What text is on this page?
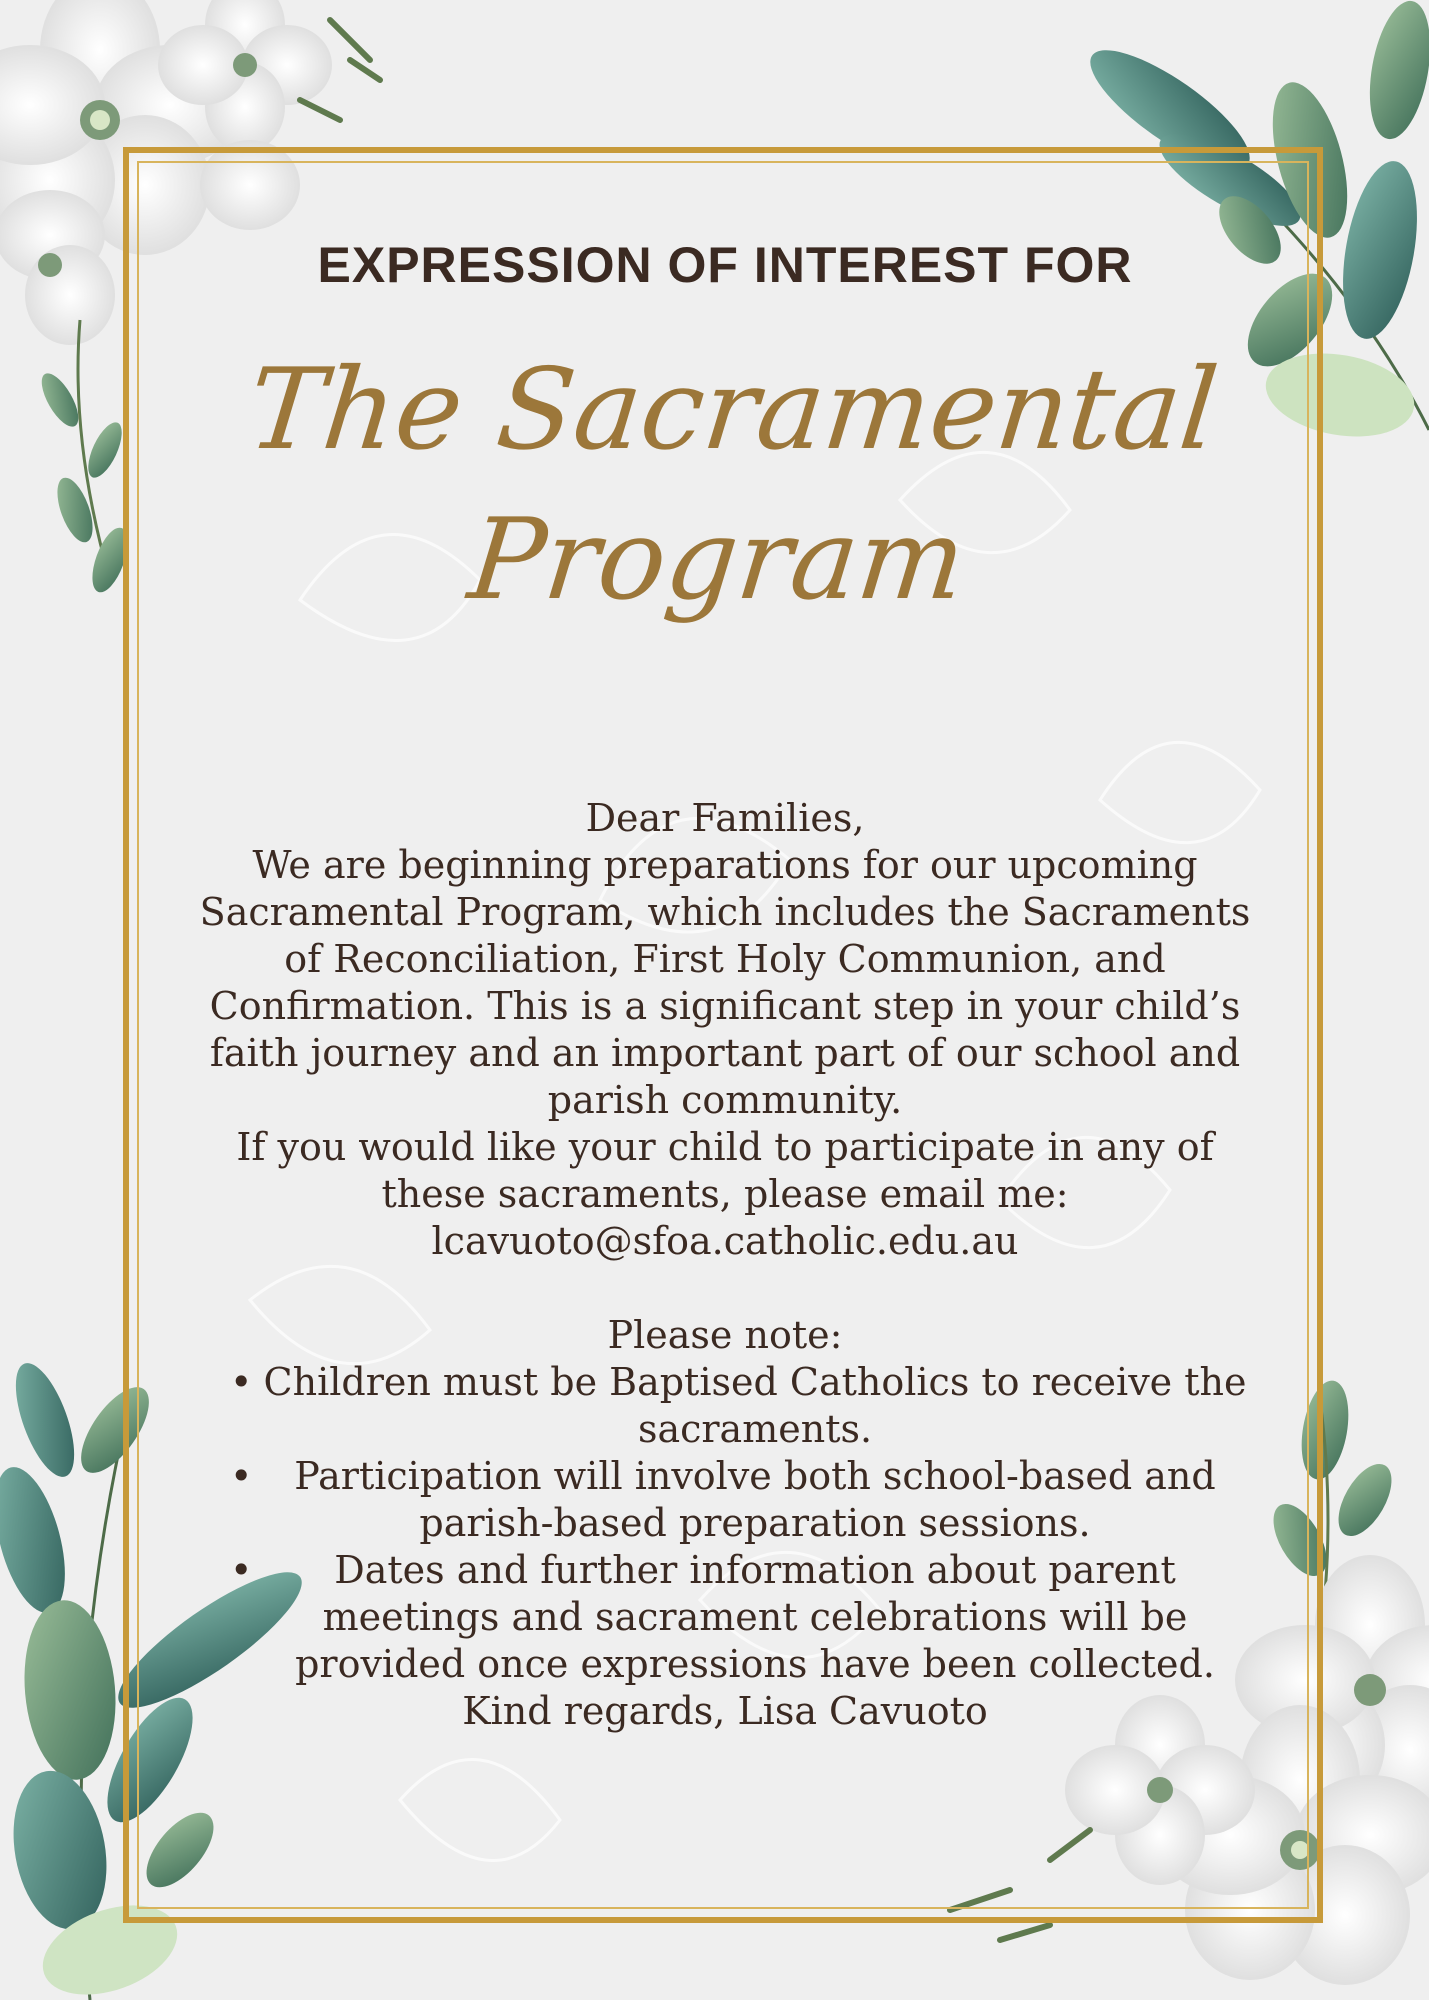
EXPRESSION OF INTEREST FOR
The Sacramental
Program

Dear Families,

We are beginning preparations for our upcoming Sacramental Program, which includes the Sacraments of Reconciliation, First Holy Communion, and Confirmation. This is a significant step in your child’s faith journey and an important part of our school and parish community.

If you would like your child to participate in any of these sacraments, please email me:

lcavuoto@sfoa.catholic.edu.au

Please note:

• Children must be Baptised Catholics to receive the sacraments.
• Participation will involve both school-based and parish-based preparation sessions.
• Dates and further information about parent meetings and sacrament celebrations will be provided once expressions have been collected.

Kind regards, Lisa Cavuoto
